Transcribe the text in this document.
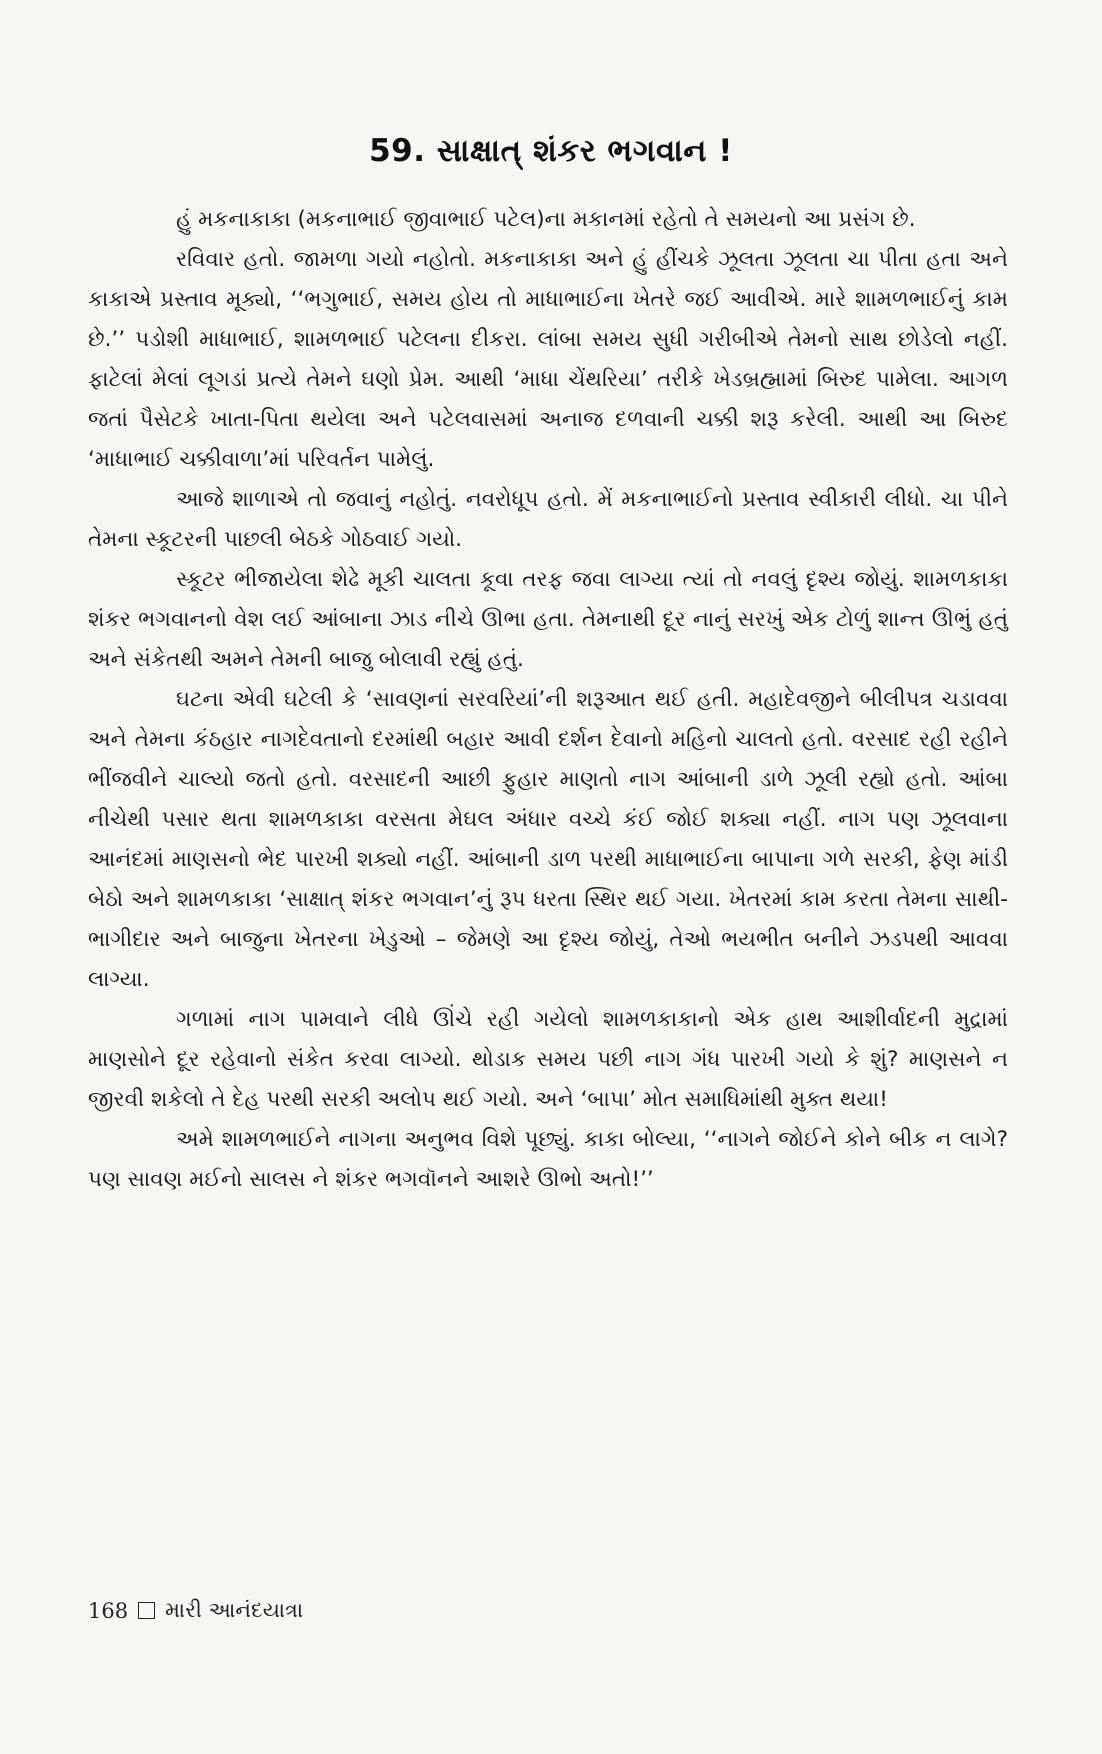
59. સાક્ષાત્ શંકર ભગવાન !

હું મકનાકાકા (મકનાભાઈ જીવાભાઈ પટેલ)ના મકાનમાં રહેતો તે સમયનો આ પ્રસંગ છે.

રવિવાર હતો. જામળા ગયો નહોતો. મકનાકાકા અને હું હીંચકે ઝૂલતા ઝૂલતા ચા પીતા હતા અને કાકાએ પ્રસ્તાવ મૂક્યો, ‘‘ભગુભાઈ, સમય હોય તો માધાભાઈના ખેતરે જઈ આવીએ. મારે શામળભાઈનું કામ છે.’’ પડોશી માધાભાઈ, શામળભાઈ પટેલના દીકરા. લાંબા સમય સુધી ગરીબીએ તેમનો સાથ છોડેલો નહીં. ફાટેલાં મેલાં લૂગડાં પ્રત્યે તેમને ઘણો પ્રેમ. આથી ‘માધા ચેંથરિયા’ તરીકે ખેડબ્રહ્મામાં બિરુદ પામેલા. આગળ જતાં પૈસેટકે ખાતા-પિતા થયેલા અને પટેલવાસમાં અનાજ દળવાની ચક્કી શરૂ કરેલી. આથી આ બિરુદ ‘માધાભાઈ ચક્કીવાળા’માં પરિવર્તન પામેલું.

આજે શાળાએ તો જવાનું નહોતું. નવરોધૂપ હતો. મેં મકનાભાઈનો પ્રસ્તાવ સ્વીકારી લીધો. ચા પીને તેમના સ્કૂટરની પાછલી બેઠકે ગોઠવાઈ ગયો.

સ્કૂટર ભીજાયેલા શેઢે મૂકી ચાલતા કૂવા તરફ જવા લાગ્યા ત્યાં તો નવલું દૃશ્ય જોયું. શામળકાકા શંકર ભગવાનનો વેશ લઈ આંબાના ઝાડ નીચે ઊભા હતા. તેમનાથી દૂર નાનું સરખું એક ટોળું શાન્ત ઊભું હતું અને સંકેતથી અમને તેમની બાજુ બોલાવી રહ્યું હતું.

ઘટના એવી ઘટેલી કે ‘સાવણનાં સરવરિયાં’ની શરૂઆત થઈ હતી. મહાદેવજીને બીલીપત્ર ચડાવવા અને તેમના કંઠહાર નાગદેવતાનો દરમાંથી બહાર આવી દર્શન દેવાનો મહિનો ચાલતો હતો. વરસાદ રહી રહીને ભીંજવીને ચાલ્યો જતો હતો. વરસાદની આછી ફુહાર માણતો નાગ આંબાની ડાળે ઝૂલી રહ્યો હતો. આંબા નીચેથી પસાર થતા શામળકાકા વરસતા મેઘલ અંધાર વચ્ચે કંઈ જોઈ શક્યા નહીં. નાગ પણ ઝૂલવાના આનંદમાં માણસનો ભેદ પારખી શક્યો નહીં. આંબાની ડાળ પરથી માધાભાઈના બાપાના ગળે સરકી, ફેણ માંડી બેઠો અને શામળકાકા ‘સાક્ષાત્ શંકર ભગવાન’નું રૂપ ધરતા સ્થિર થઈ ગયા. ખેતરમાં કામ કરતા તેમના સાથી-ભાગીદાર અને બાજુના ખેતરના ખેડુઓ – જેમણે આ દૃશ્ય જોયું, તેઓ ભયભીત બનીને ઝડપથી આવવા લાગ્યા.

ગળામાં નાગ પામવાને લીધે ઊંચે રહી ગયેલો શામળકાકાનો એક હાથ આશીર્વાદની મુદ્રામાં માણસોને દૂર રહેવાનો સંકેત કરવા લાગ્યો. થોડાક સમય પછી નાગ ગંધ પારખી ગયો કે શું? માણસને ન જીરવી શકેલો તે દેહ પરથી સરકી અલોપ થઈ ગયો. અને ‘બાપા’ મોત સમાધિમાંથી મુક્ત થયા!

અમે શામળભાઈને નાગના અનુભવ વિશે પૂછ્યું. કાકા બોલ્યા, ‘‘નાગને જોઈને કોને બીક ન લાગે? પણ સાવણ મઈનો સાલસ ને શંકર ભગવૉનને આશરે ઊભો અતો!’’

168 મારી આનંદયાત્રા
